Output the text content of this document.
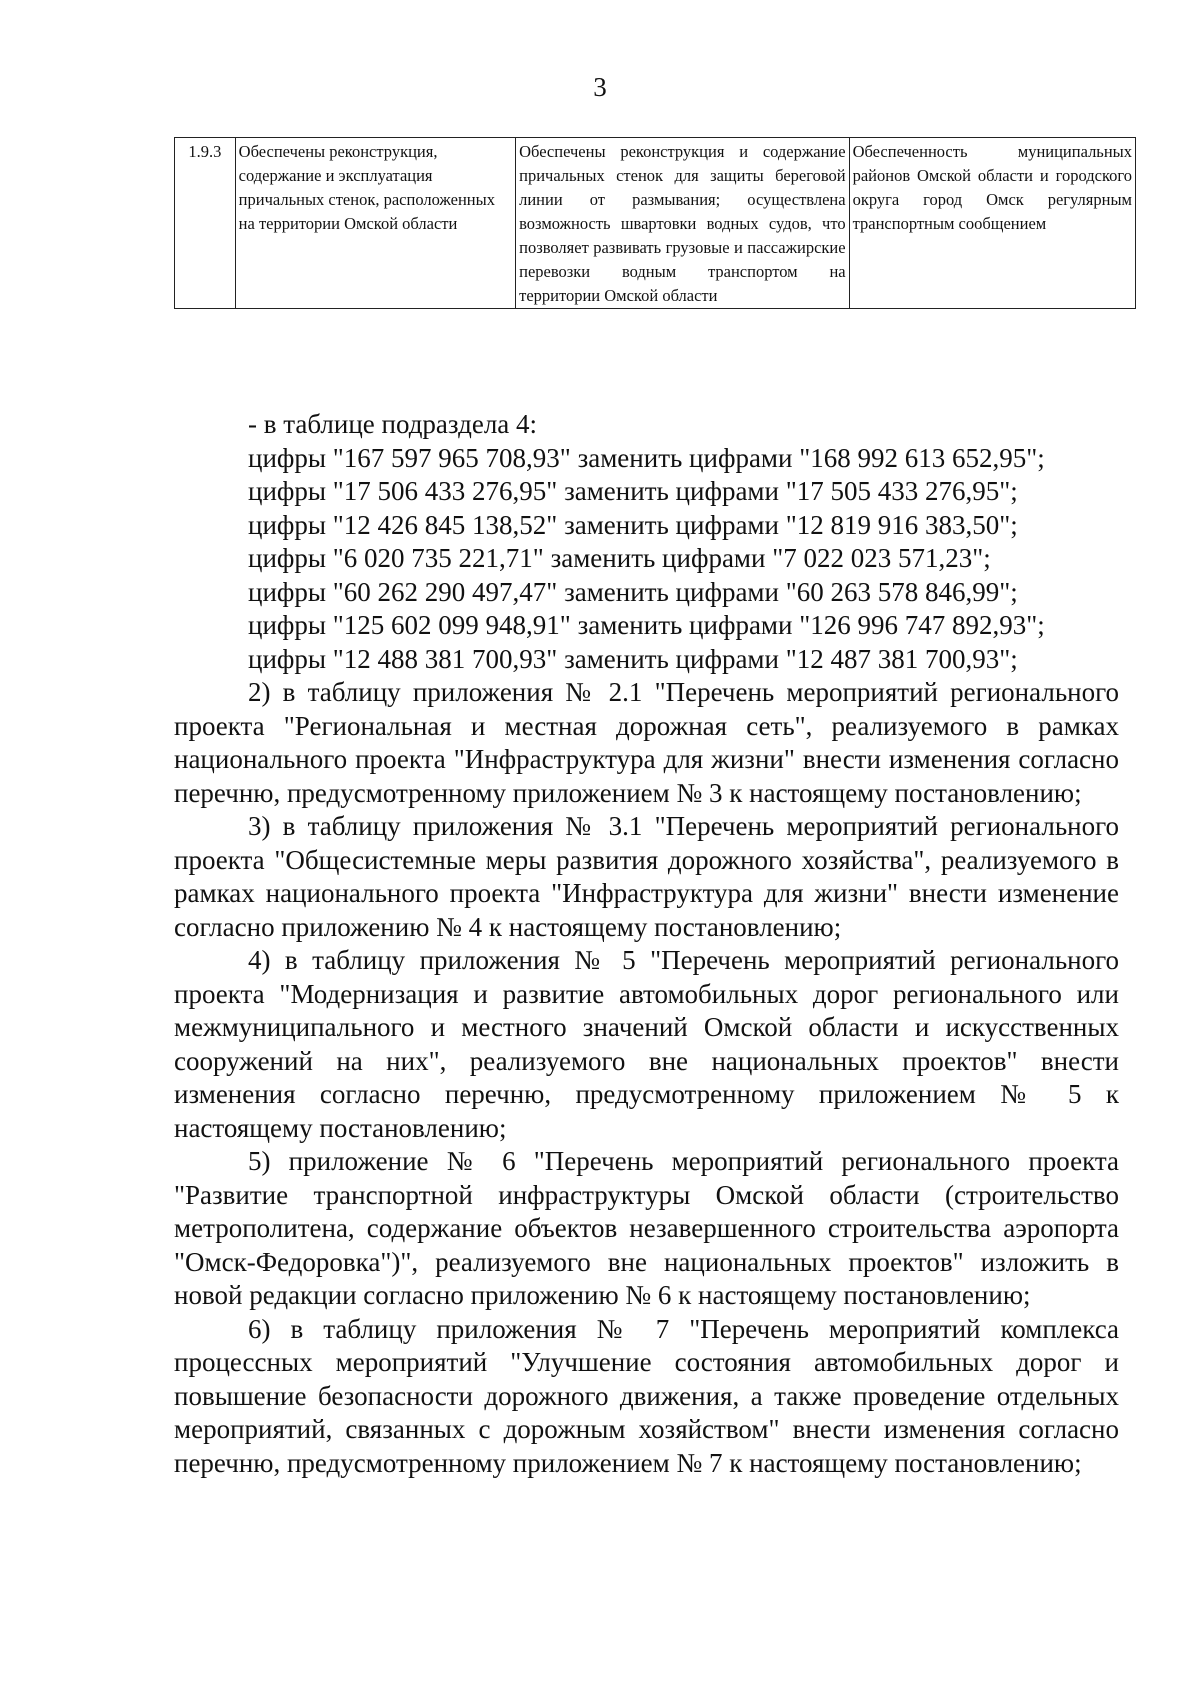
3
1.9.3	Обеспечены реконструкция, содержание и эксплуатация причальных стенок, расположенных на территории Омской области	Обеспечены реконструкция и содержание причальных стенок для защиты береговой линии от размывания; осуществлена возможность швартовки водных судов, что позволяет развивать грузовые и пассажирские перевозки водным транспортом на территории Омской области	Обеспеченность муниципальных районов Омской области и городского округа город Омск регулярным транспортным сообщением

- в таблице подраздела 4:

цифры "167 597 965 708,93" заменить цифрами "168 992 613 652,95";

цифры "17 506 433 276,95" заменить цифрами "17 505 433 276,95";

цифры "12 426 845 138,52" заменить цифрами "12 819 916 383,50";

цифры "6 020 735 221,71" заменить цифрами "7 022 023 571,23";

цифры "60 262 290 497,47" заменить цифрами "60 263 578 846,99";

цифры "125 602 099 948,91" заменить цифрами "126 996 747 892,93";

цифры "12 488 381 700,93" заменить цифрами "12 487 381 700,93";

2) в таблицу приложения № 2.1 "Перечень мероприятий регионального проекта "Региональная и местная дорожная сеть", реализуемого в рамках национального проекта "Инфраструктура для жизни" внести изменения согласно перечню, предусмотренному приложением № 3 к настоящему постановлению;

3) в таблицу приложения № 3.1 "Перечень мероприятий регионального проекта "Общесистемные меры развития дорожного хозяйства", реализуемого в рамках национального проекта "Инфраструктура для жизни" внести изменение согласно приложению № 4 к настоящему постановлению;

4) в таблицу приложения № 5 "Перечень мероприятий регионального проекта "Модернизация и развитие автомобильных дорог регионального или межмуниципального и местного значений Омской области и искусственных сооружений на них", реализуемого вне национальных проектов" внести изменения согласно перечню, предусмотренному приложением № 5 к настоящему постановлению;

5) приложение № 6 "Перечень мероприятий регионального проекта "Развитие транспортной инфраструктуры Омской области (строительство метрополитена, содержание объектов незавершенного строительства аэропорта "Омск-Федоровка")", реализуемого вне национальных проектов" изложить в новой редакции согласно приложению № 6 к настоящему постановлению;

6) в таблицу приложения № 7 "Перечень мероприятий комплекса процессных мероприятий "Улучшение состояния автомобильных дорог и повышение безопасности дорожного движения, а также проведение отдельных мероприятий, связанных с дорожным хозяйством" внести изменения согласно перечню, предусмотренному приложением № 7 к настоящему постановлению;
